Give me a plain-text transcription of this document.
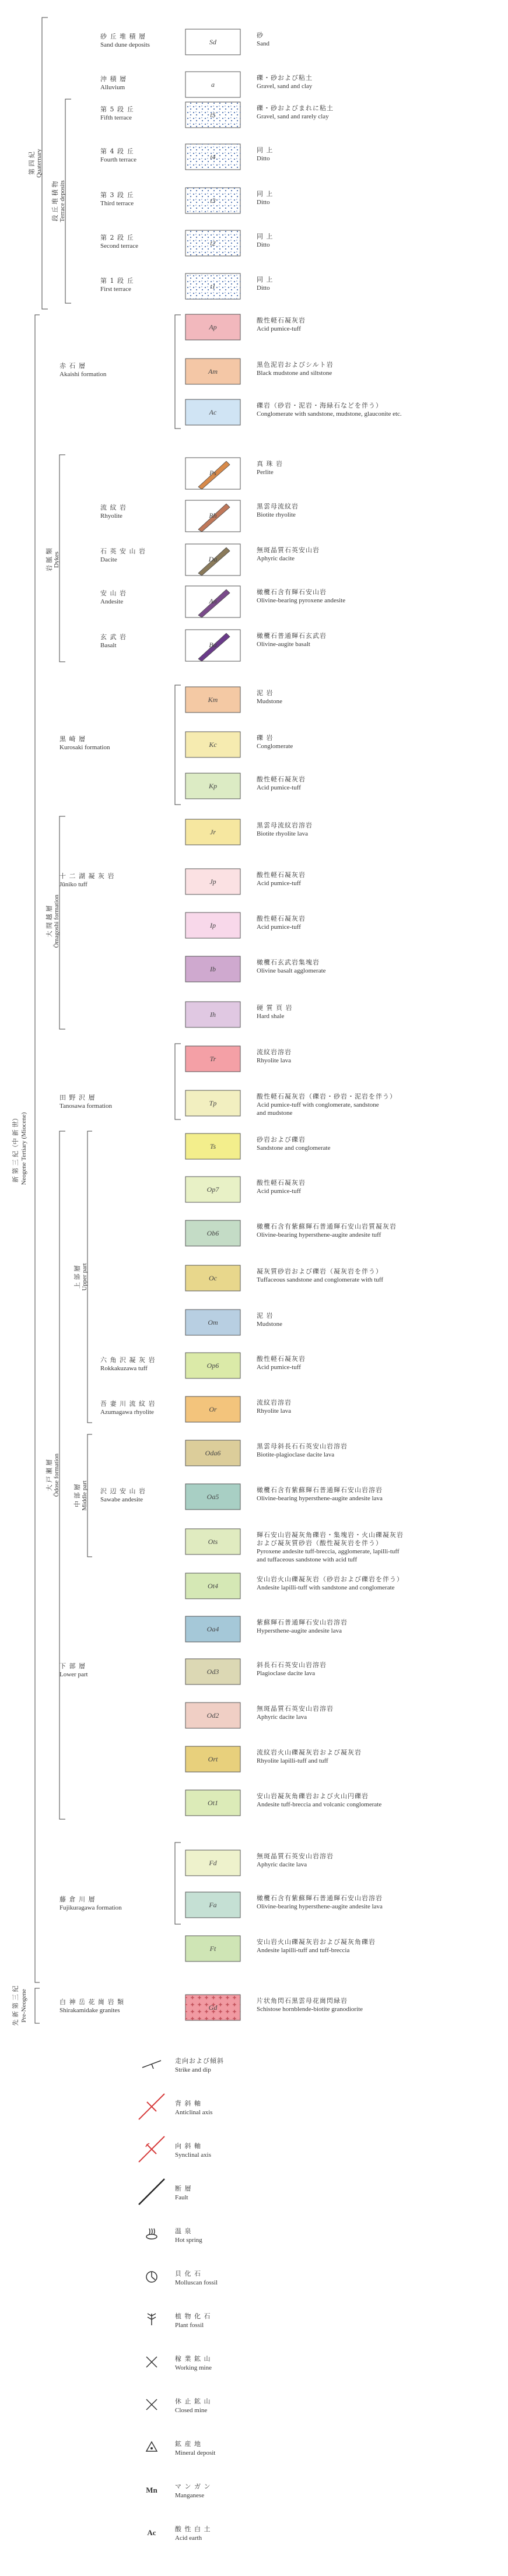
Sd
砂
Sand
砂 丘 堆 積 層
Sand dune deposits
a
礫・砂および粘土
Gravel, sand and clay
沖 積 層
Alluvium
t5
礫・砂およびまれに粘土
Gravel, sand and rarely clay
第 5 段 丘
Fifth terrace
t4
同 上
Ditto
第 4 段 丘
Fourth terrace
t3
同 上
Ditto
第 3 段 丘
Third terrace
t2
同 上
Ditto
第 2 段 丘
Second terrace
t1
同 上
Ditto
第 1 段 丘
First terrace
Ap
酸性軽石凝灰岩
Acid pumice-tuff
Am
黒色泥岩およびシルト岩
Black mudstone and siltstone
赤 石 層
Akaishi formation
Ac
礫岩（砂岩・泥岩・海緑石などを伴う）
Conglomerate with sandstone, mudstone, glauconite etc.
Ps
真 珠 岩
Perlite
Rh
黒雲母流紋岩
Biotite rhyolite
流 紋 岩
Rhyolite
Da
無斑晶質石英安山岩
Aphyric dacite
石 英 安 山 岩
Dacite
An
橄欖石含有輝石安山岩
Olivine-bearing pyroxene andesite
安 山 岩
Andesite
Ba
橄欖石普通輝石玄武岩
Olivine-augite basalt
玄 武 岩
Basalt
Km
泥 岩
Mudstone
Kc
礫 岩
Conglomerate
黒 崎 層
Kurosaki formation
Kp
酸性軽石凝灰岩
Acid pumice-tuff
Jr
黒雲母流紋岩溶岩
Biotite rhyolite lava
Jp
酸性軽石凝灰岩
Acid pumice-tuff
十 二 湖 凝 灰 岩
Jūniko tuff
Ip
酸性軽石凝灰岩
Acid pumice-tuff
Ib
橄欖石玄武岩集塊岩
Olivine basalt agglomerate
Ih
硬 質 頁 岩
Hard shale
Tr
流紋岩溶岩
Rhyolite lava
Tp
酸性軽石凝灰岩（礫岩・砂岩・泥岩を伴う）
Acid pumice-tuff with conglomerate, sandstone
and mudstone
田 野 沢 層
Tanosawa formation
Ts
砂岩および礫岩
Sandstone and conglomerate
Op7
酸性軽石凝灰岩
Acid pumice-tuff
Ob6
橄欖石含有紫蘇輝石普通輝石安山岩質凝灰岩
Olivine-bearing hypersthene-augite andesite tuff
Oc
凝灰質砂岩および礫岩（凝灰岩を伴う）
Tuffaceous sandstone and conglomerate with tuff
Om
泥 岩
Mudstone
Op6
酸性軽石凝灰岩
Acid pumice-tuff
六 角 沢 凝 灰 岩
Rokkakuzawa tuff
Or
流紋岩溶岩
Rhyolite lava
吾 妻 川 流 紋 岩
Azumagawa rhyolite
Oda6
黒雲母斜長石石英安山岩溶岩
Biotite-plagioclase dacite lava
Oa5
橄欖石含有紫蘇輝石普通輝石安山岩溶岩
Olivine-bearing hypersthene-augite andesite lava
沢 辺 安 山 岩
Sawabe andesite
Ots
輝石安山岩凝灰角礫岩・集塊岩・火山礫凝灰岩
および凝灰質砂岩（酸性凝灰岩を伴う）
Pyroxene andesite tuff-breccia, agglomerate, lapilli-tuff
and tuffaceous sandstone with acid tuff
Ot4
安山岩火山礫凝灰岩（砂岩および礫岩を伴う）
Andesite lapilli-tuff with sandstone and conglomerate
Oa4
紫蘇輝石普通輝石安山岩溶岩
Hypersthene-augite andesite lava
Od3
斜長石石英安山岩溶岩
Plagioclase dacite lava
下 部 層
Lower part
Od2
無斑晶質石英安山岩溶岩
Aphyric dacite lava
Ort
流紋岩火山礫凝灰岩および凝灰岩
Rhyolite lapilli-tuff and tuff
Ot1
安山岩凝灰角礫岩および火山円礫岩
Andesite tuff-breccia and volcanic conglomerate
Fd
無斑晶質石英安山岩溶岩
Aphyric dacite lava
Fa
橄欖石含有紫蘇輝石普通輝石安山岩溶岩
Olivine-bearing hypersthene-augite andesite lava
藤 倉 川 層
Fujikuragawa formation
Ft
安山岩火山礫凝灰岩および凝灰角礫岩
Andesite lapilli-tuff and tuff-breccia
Gd
片状角閃石黒雲母花崗閃緑岩
Schistose hornblende-biotite granodiorite
白 神 岳 花 崗 岩 類
Shirakamidake granites
第 四 紀 Quaternary
段 丘 堆 積 物 Terrace deposits
新 第 三 紀（中 新 世） Neogene Tertiary (Miocene)
岩 脈 類 Dykes
大 間 越 層 Ōmagoshi formation
大 戸 瀬 層 Ōdose formation
上 部 層 Upper part
中 部 層 Middle part
先 新 第 三 紀 Pre-Neogene
走向および傾斜
Strike and dip
背 斜 軸
Anticlinal axis
向 斜 軸
Synclinal axis
断 層
Fault
温 泉
Hot spring
貝 化 石
Molluscan fossil
植 物 化 石
Plant fossil
稼 業 鉱 山
Working mine
休 止 鉱 山
Closed mine
鉱 産 地
Mineral deposit
Mn	マ ン ガ ン
Manganese
Ac	酸 性 白 土
Acid earth
